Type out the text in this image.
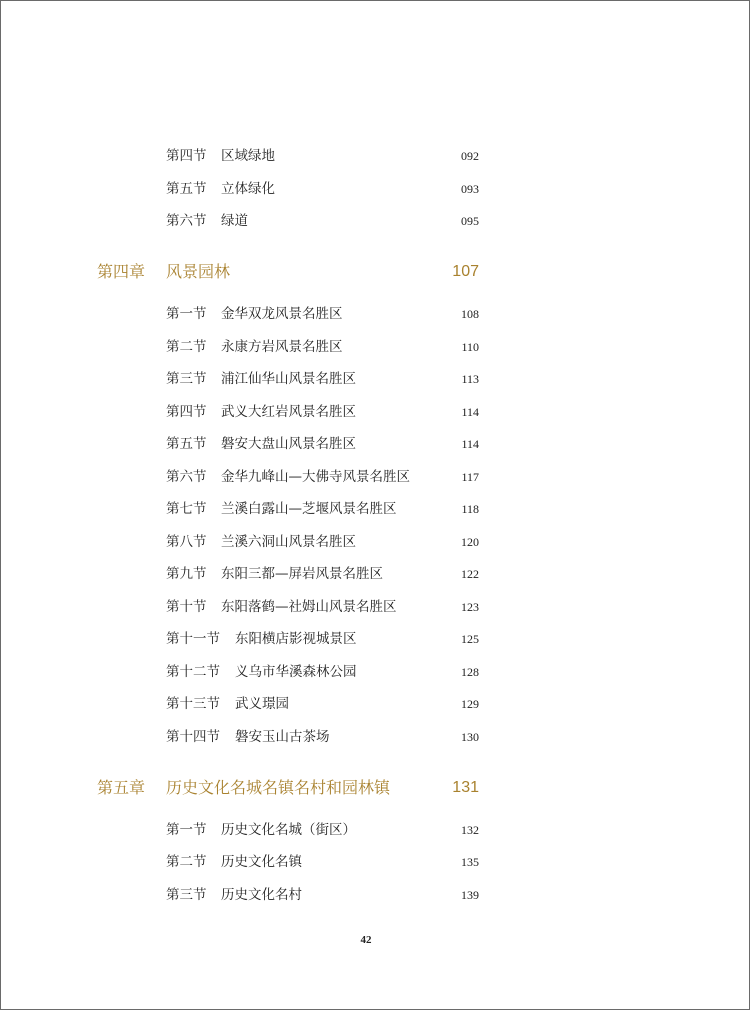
第四节 区域绿地	092
第五节 立体绿化	093
第六节 绿道	095
第四章 风景园林	107
第一节 金华双龙风景名胜区	108
第二节 永康方岩风景名胜区	110
第三节 浦江仙华山风景名胜区	113
第四节 武义大红岩风景名胜区	114
第五节 磐安大盘山风景名胜区	114
第六节 金华九峰山—大佛寺风景名胜区	117
第七节 兰溪白露山—芝堰风景名胜区	118
第八节 兰溪六洞山风景名胜区	120
第九节 东阳三都—屏岩风景名胜区	122
第十节 东阳落鹤—社姆山风景名胜区	123
第十一节 东阳横店影视城景区	125
第十二节 义乌市华溪森林公园	128
第十三节 武义璟园	129
第十四节 磐安玉山古茶场	130
第五章 历史文化名城名镇名村和园林镇	131
第一节 历史文化名城（街区）	132
第二节 历史文化名镇	135
第三节 历史文化名村	139
42
